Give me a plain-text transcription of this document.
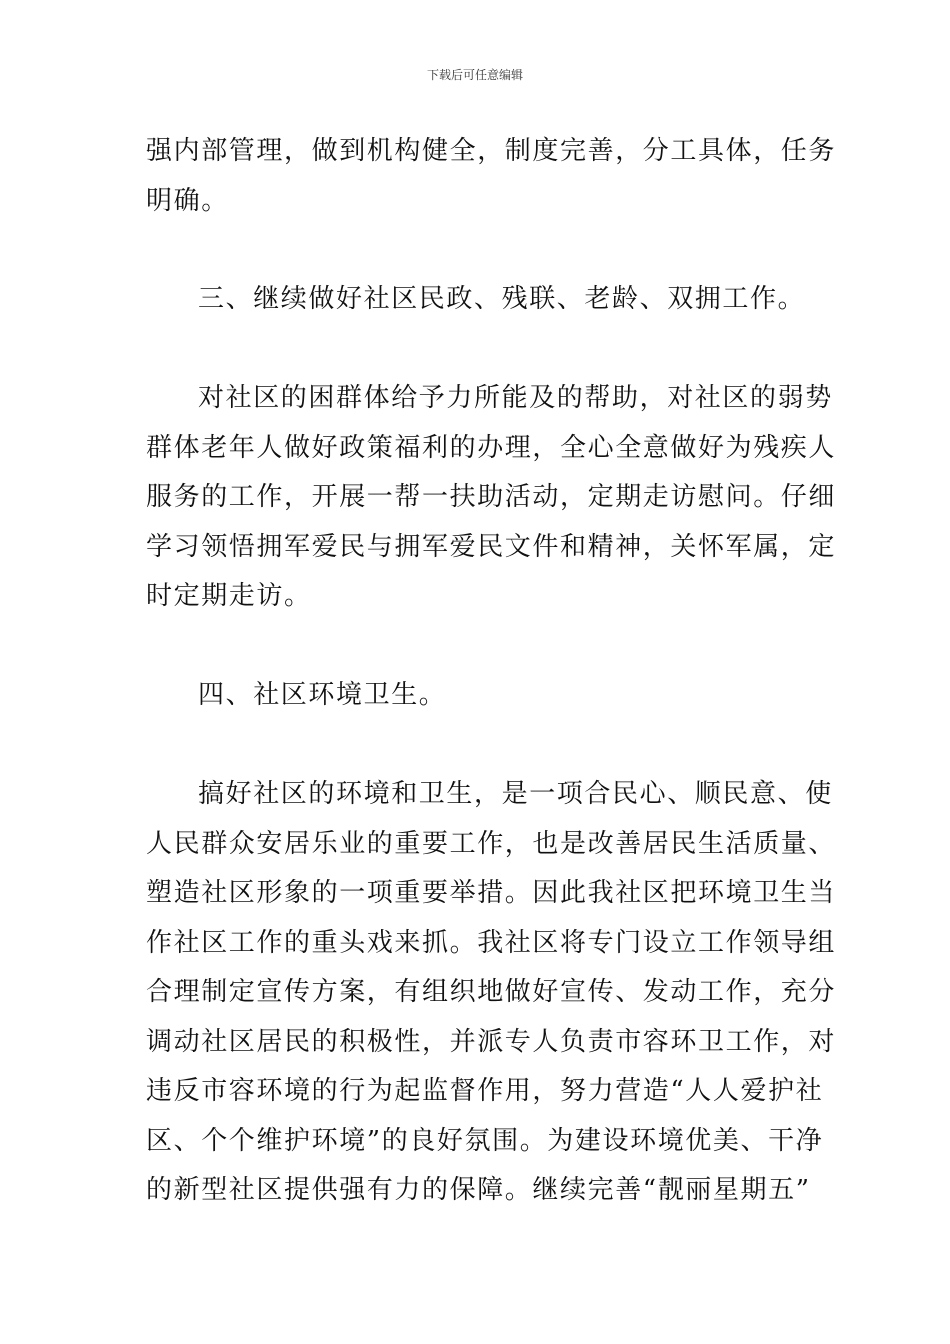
下载后可任意编辑
强内部管理，做到机构健全，制度完善，分工具体，任务
明确。
三、继续做好社区民政、残联、老龄、双拥工作。
对社区的困群体给予力所能及的帮助，对社区的弱势
群体老年人做好政策福利的办理，全心全意做好为残疾人
服务的工作，开展一帮一扶助活动，定期走访慰问。仔细
学习领悟拥军爱民与拥军爱民文件和精神，关怀军属，定
时定期走访。
四、社区环境卫生。
搞好社区的环境和卫生，是一项合民心、顺民意、使
人民群众安居乐业的重要工作，也是改善居民生活质量、
塑造社区形象的一项重要举措。因此我社区把环境卫生当
作社区工作的重头戏来抓。我社区将专门设立工作领导组
合理制定宣传方案，有组织地做好宣传、发动工作，充分
调动社区居民的积极性，并派专人负责市容环卫工作，对
违反市容环境的行为起监督作用，努力营造“人人爱护社
区、个个维护环境”的良好氛围。为建设环境优美、干净
的新型社区提供强有力的保障。继续完善“靓丽星期五”
